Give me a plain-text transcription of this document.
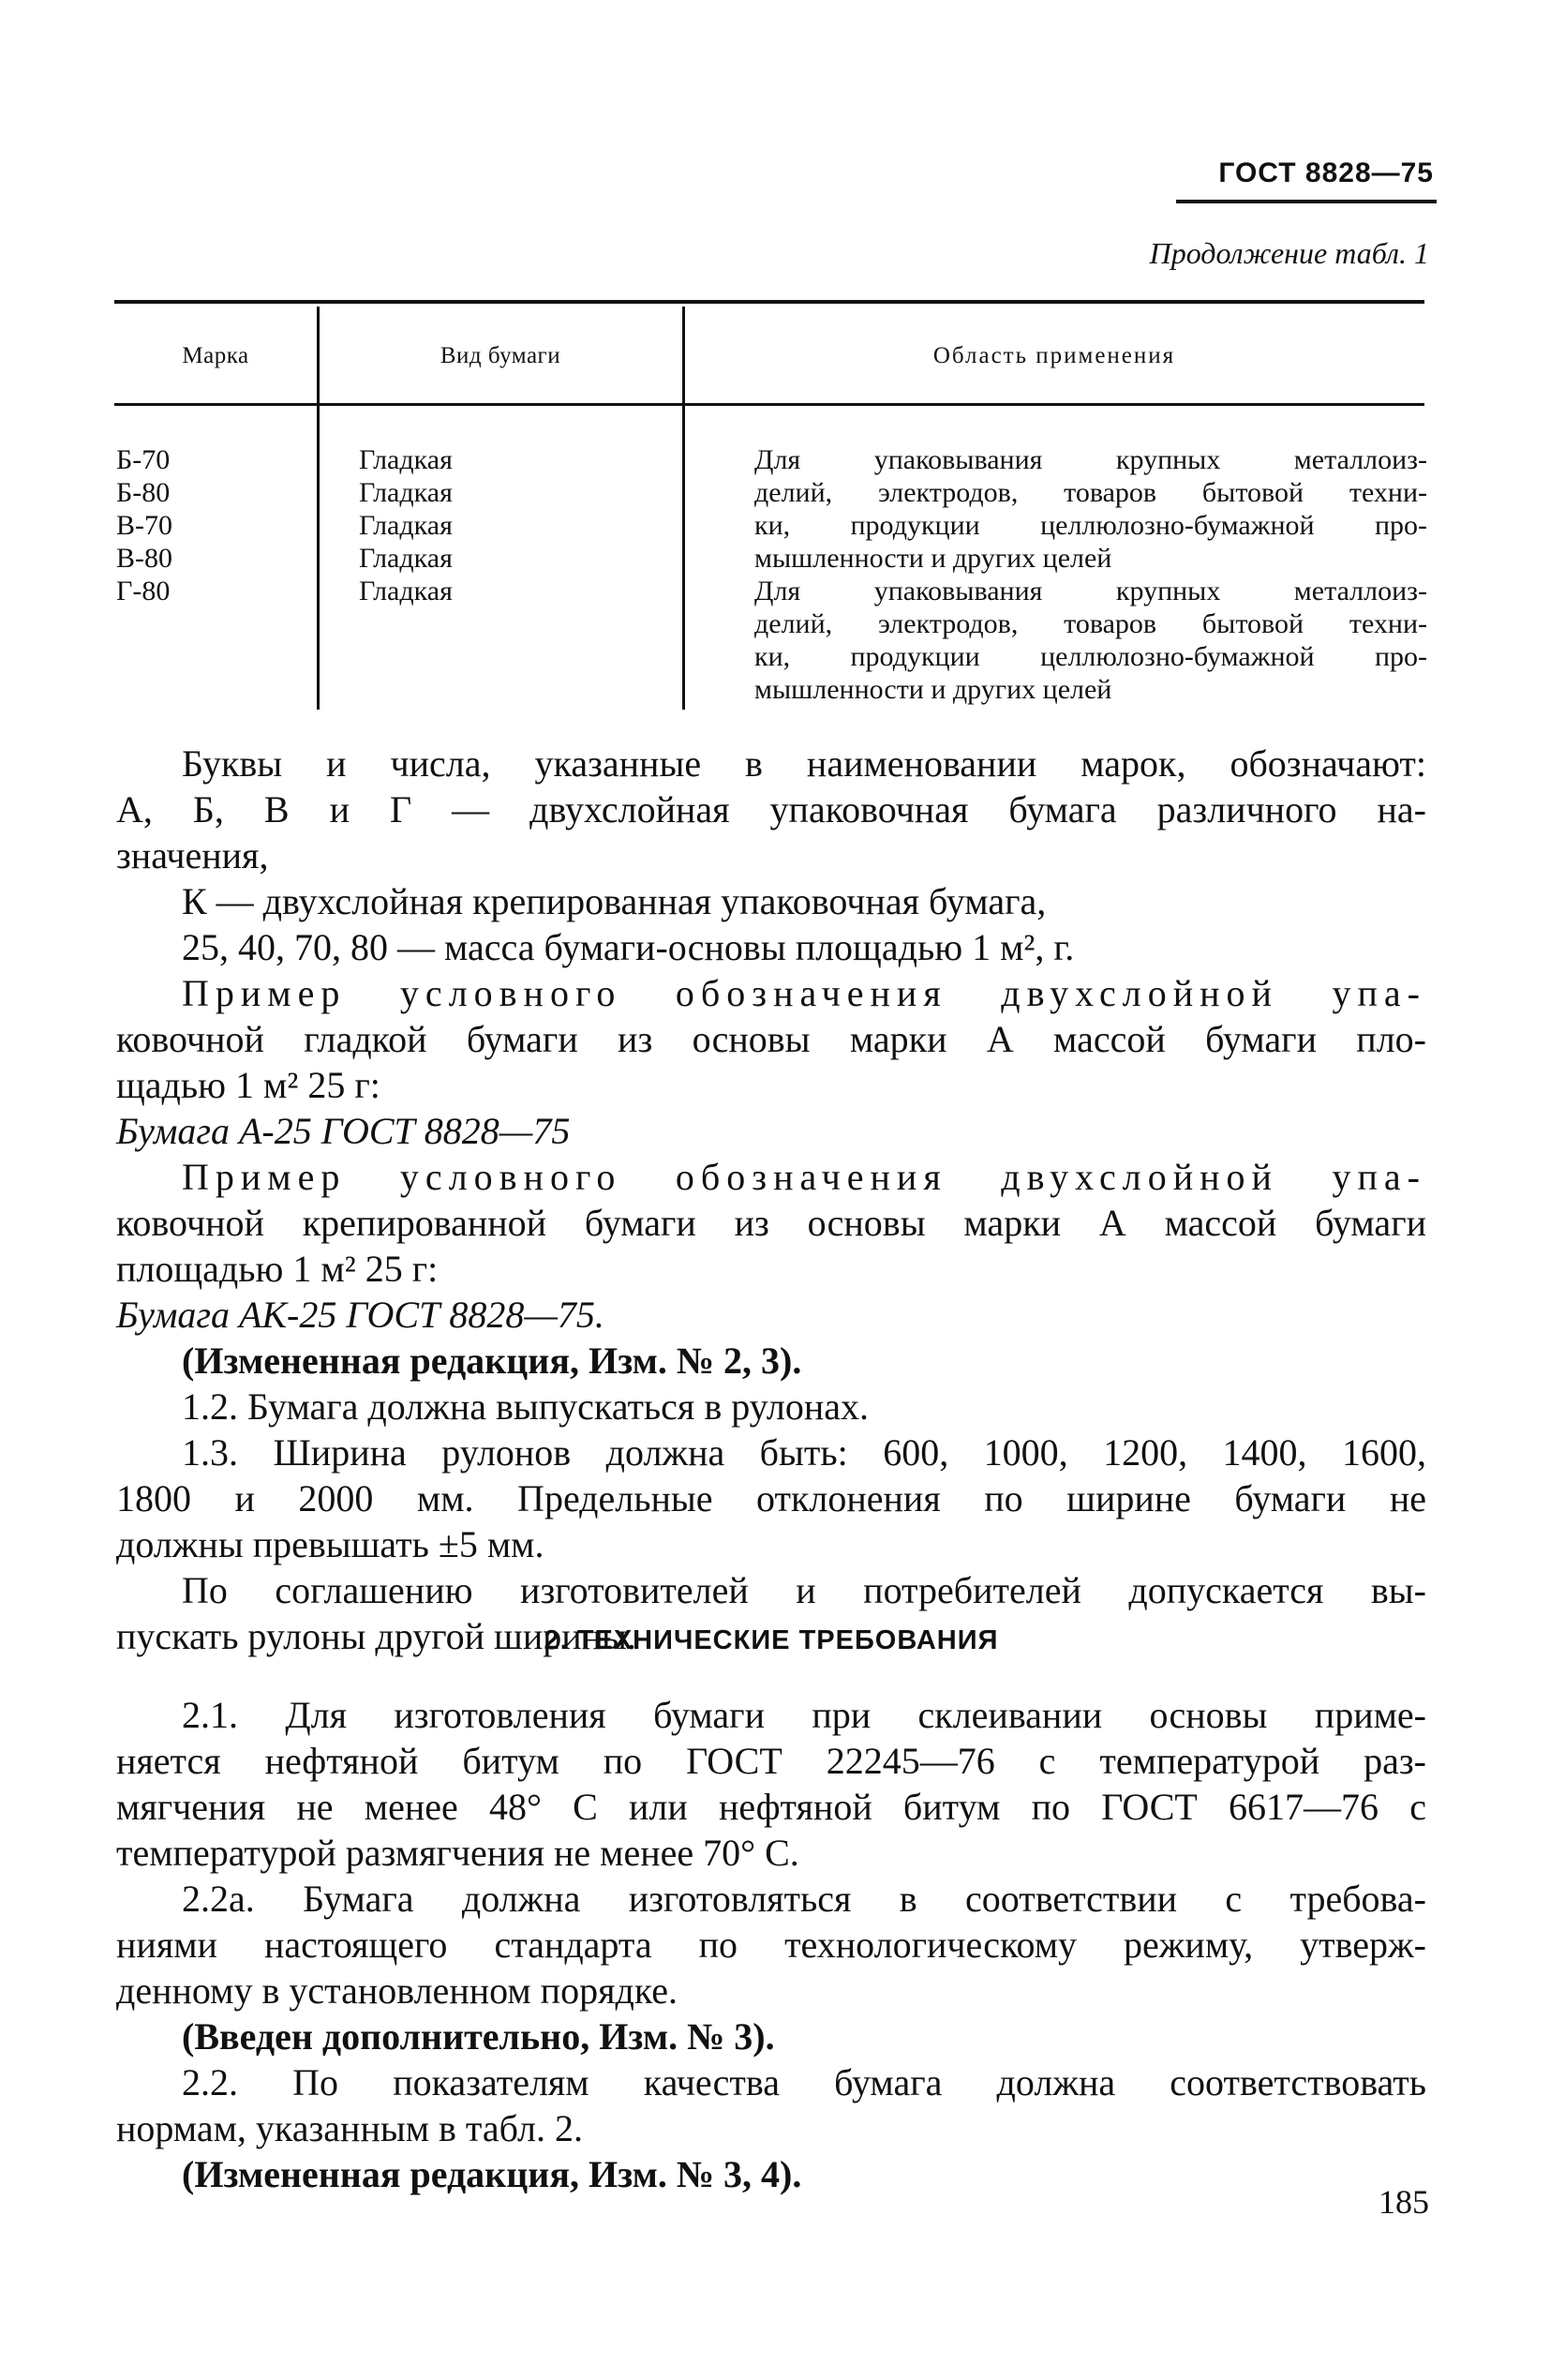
ГОСТ 8828—75
Продолжение табл. 1
Марка	Вид бумаги	Область применения
Б-70
Б-80
В-70
В-80
Г-80
Гладкая
Гладкая
Гладкая
Гладкая
Гладкая
Для упаковывания крупных металлоиз-
делий, электродов, товаров бытовой техни-
ки, продукции целлюлозно-бумажной про-
мышленности и других целей
Для упаковывания крупных металлоиз-
делий, электродов, товаров бытовой техни-
ки, продукции целлюлозно-бумажной про-
мышленности и других целей
Буквы и числа, указанные в наименовании марок, обозначают:
А, Б, В и Г — двухслойная упаковочная бумага различного на-
значения,
К — двухслойная крепированная упаковочная бумага,
25, 40, 70, 80 — масса бумаги-основы площадью 1 м², г.
Пример условного обозначения двухслойной упа-
ковочной гладкой бумаги из основы марки А массой бумаги пло-
щадью 1 м² 25 г:
Бумага А-25 ГОСТ 8828—75
Пример условного обозначения двухслойной упа-
ковочной крепированной бумаги из основы марки А массой бумаги
площадью 1 м² 25 г:
Бумага АК-25 ГОСТ 8828—75.
(Измененная редакция, Изм. № 2, 3).
1.2. Бумага должна выпускаться в рулонах.
1.3. Ширина рулонов должна быть: 600, 1000, 1200, 1400, 1600,
1800 и 2000 мм. Предельные отклонения по ширине бумаги не
должны превышать ±5 мм.
По соглашению изготовителей и потребителей допускается вы-
пускать рулоны другой ширины.
2. ТЕХНИЧЕСКИЕ ТРЕБОВАНИЯ
2.1. Для изготовления бумаги при склеивании основы приме-
няется нефтяной битум по ГОСТ 22245—76 с температурой раз-
мягчения не менее 48° С или нефтяной битум по ГОСТ 6617—76 с
температурой размягчения не менее 70° С.
2.2а. Бумага должна изготовляться в соответствии с требова-
ниями настоящего стандарта по технологическому режиму, утверж-
денному в установленном порядке.
(Введен дополнительно, Изм. № 3).
2.2. По показателям качества бумага должна соответствовать
нормам, указанным в табл. 2.
(Измененная редакция, Изм. № 3, 4).
185
